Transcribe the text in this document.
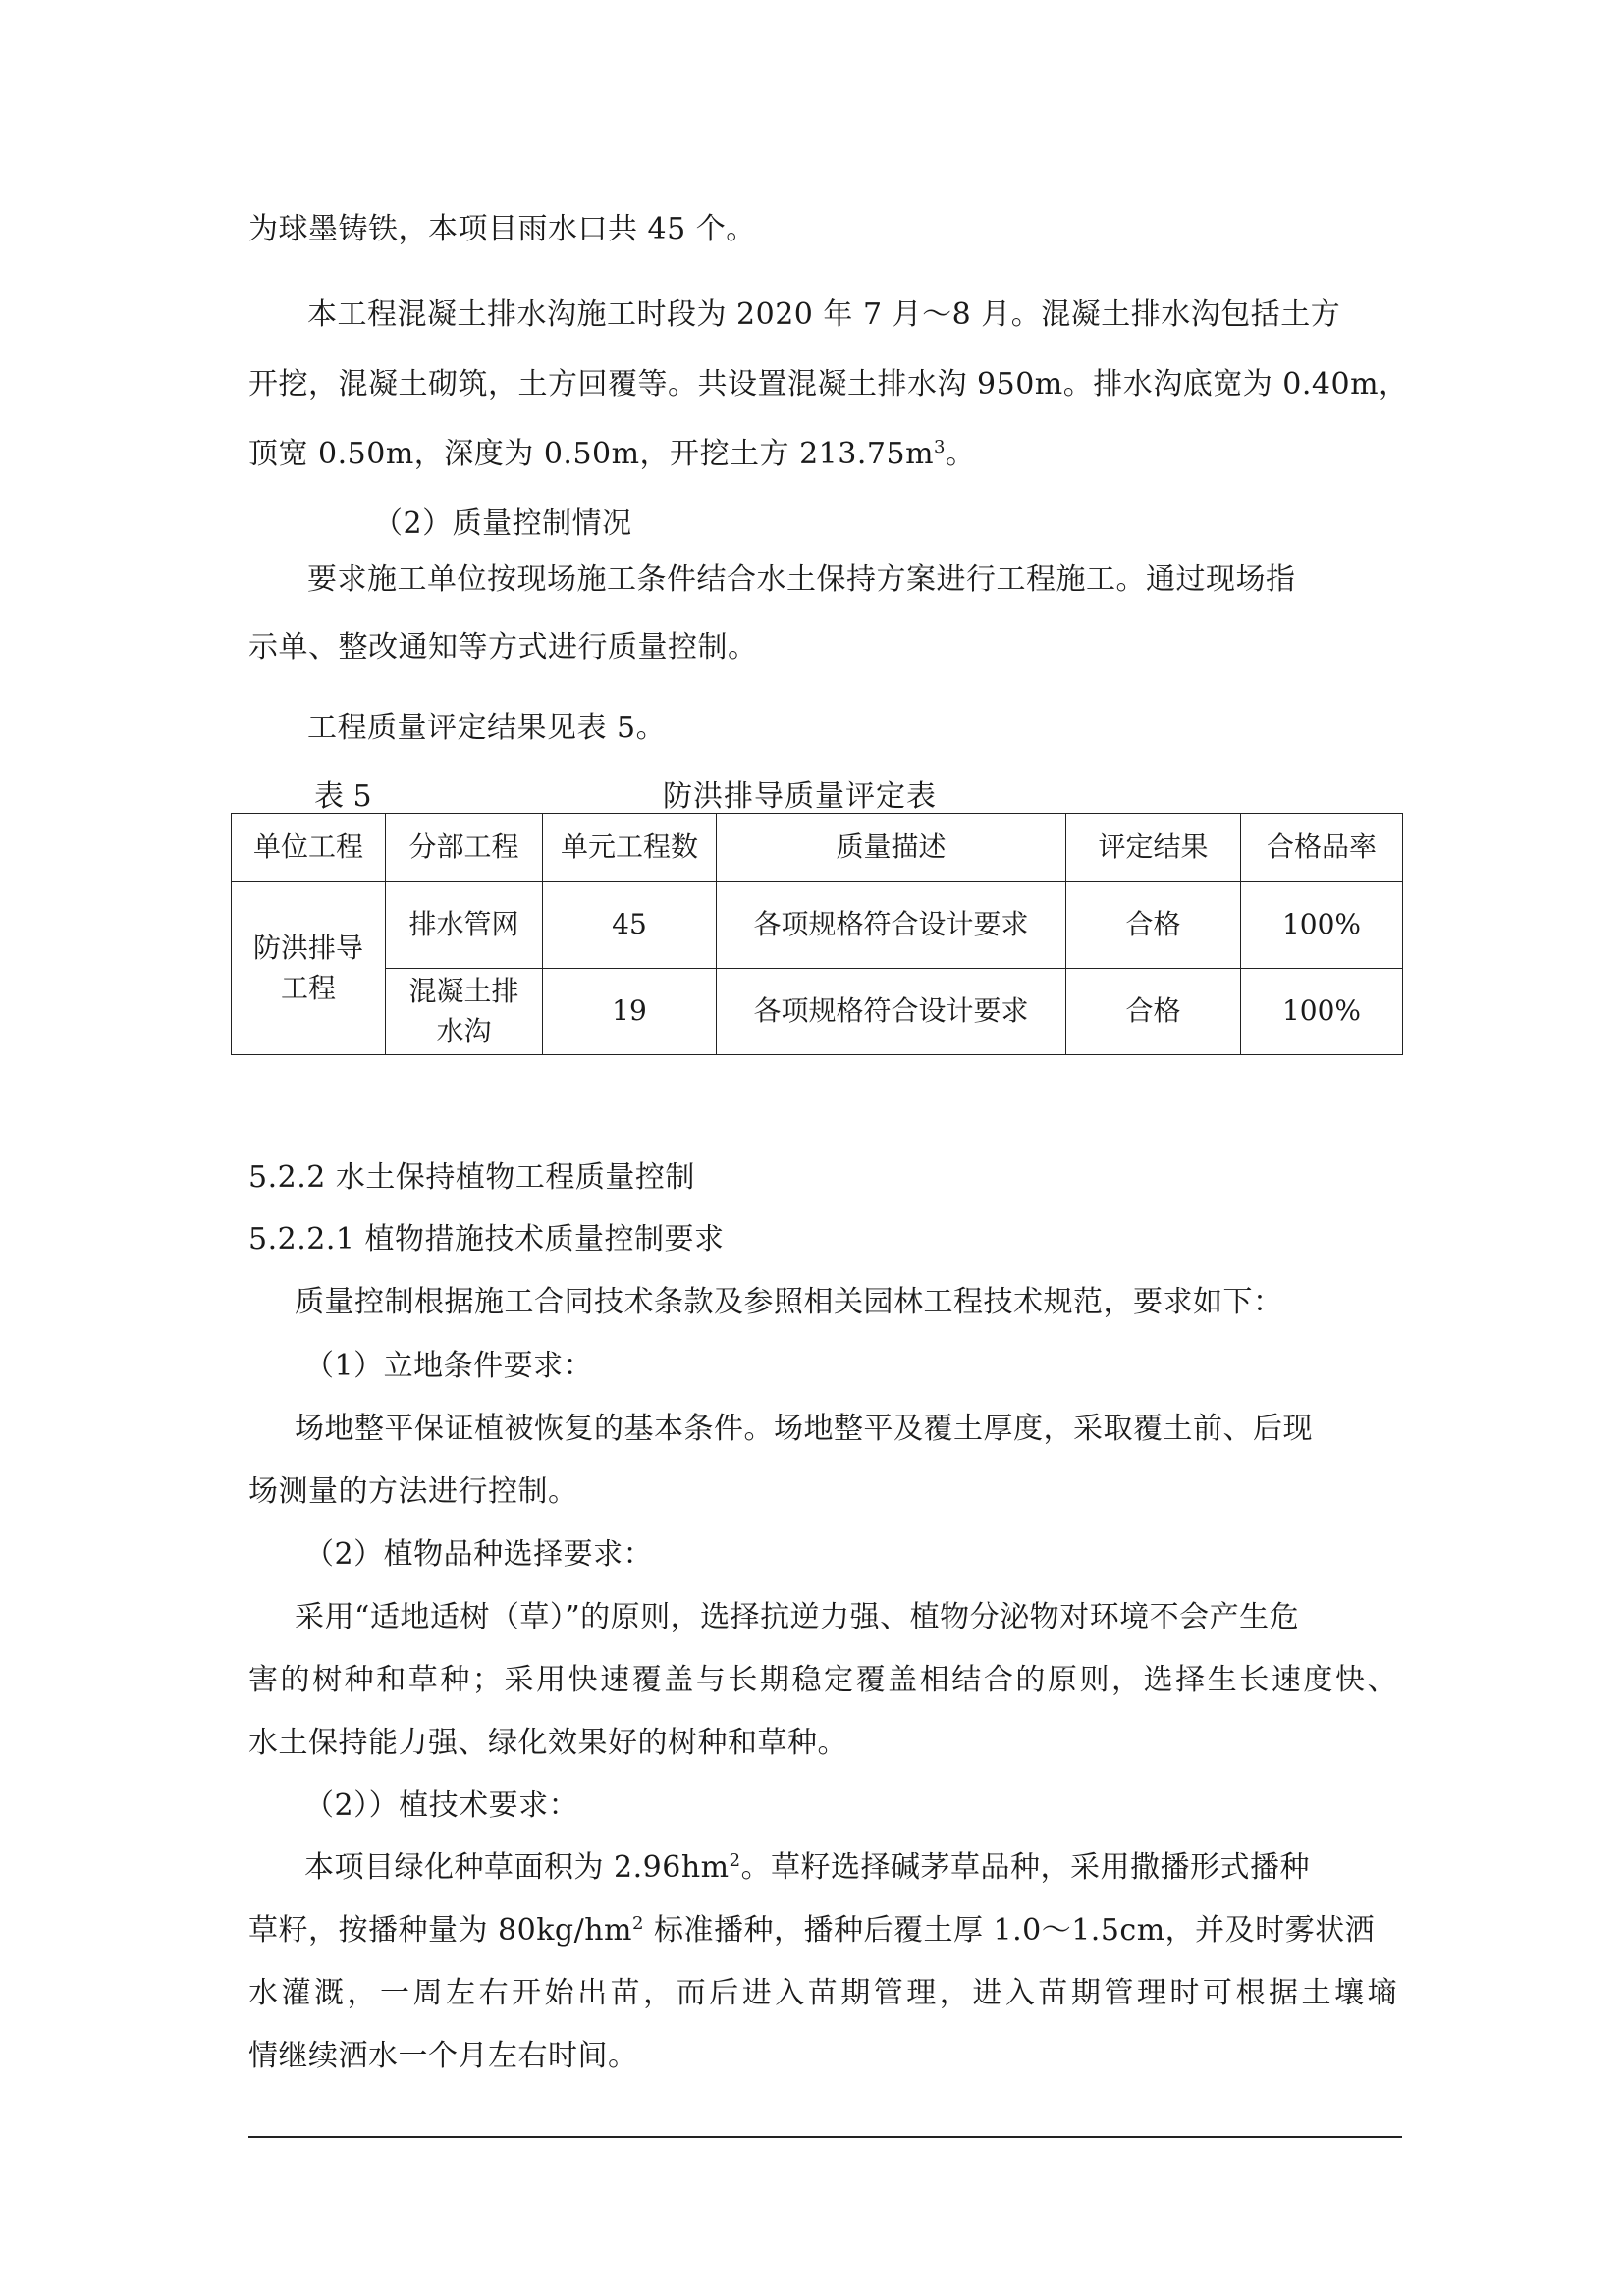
为球墨铸铁，本项目雨水口共 45 个。
本工程混凝土排水沟施工时段为 2020 年 7 月～8 月。混凝土排水沟包括土方
开挖，混凝土砌筑，土方回覆等。共设置混凝土排水沟 950m。排水沟底宽为 0.40m，
顶宽 0.50m，深度为 0.50m，开挖土方 $213.75m^3$。
（2）质量控制情况
要求施工单位按现场施工条件结合水土保持方案进行工程施工。通过现场指
示单、整改通知等方式进行质量控制。
工程质量评定结果见表 5。
表 5	防洪排导质量评定表
单位工程	分部工程	单元工程数	质量描述	评定结果	合格品率
防洪排导工程	排水管网	45	各项规格符合设计要求	合格	100%
	混凝土排水沟	19	各项规格符合设计要求	合格	100%
5.2.2 水土保持植物工程质量控制
5.2.2.1 植物措施技术质量控制要求
质量控制根据施工合同技术条款及参照相关园林工程技术规范，要求如下：
（1）立地条件要求：
场地整平保证植被恢复的基本条件。场地整平及覆土厚度，采取覆土前、后现
场测量的方法进行控制。
（2）植物品种选择要求：
采用“适地适树（草）”的原则，选择抗逆力强、植物分泌物对环境不会产生危
害的树种和草种；采用快速覆盖与长期稳定覆盖相结合的原则，选择生长速度快、
水土保持能力强、绿化效果好的树种和草种。
（2））植技术要求：
本项目绿化种草面积为 $2.96hm^2$。草籽选择碱茅草品种，采用撒播形式播种
草籽，按播种量为 $80kg/hm^2$ 标准播种，播种后覆土厚 1.0～1.5cm，并及时雾状洒
水灌溉，一周左右开始出苗，而后进入苗期管理，进入苗期管理时可根据土壤墒
情继续洒水一个月左右时间。
